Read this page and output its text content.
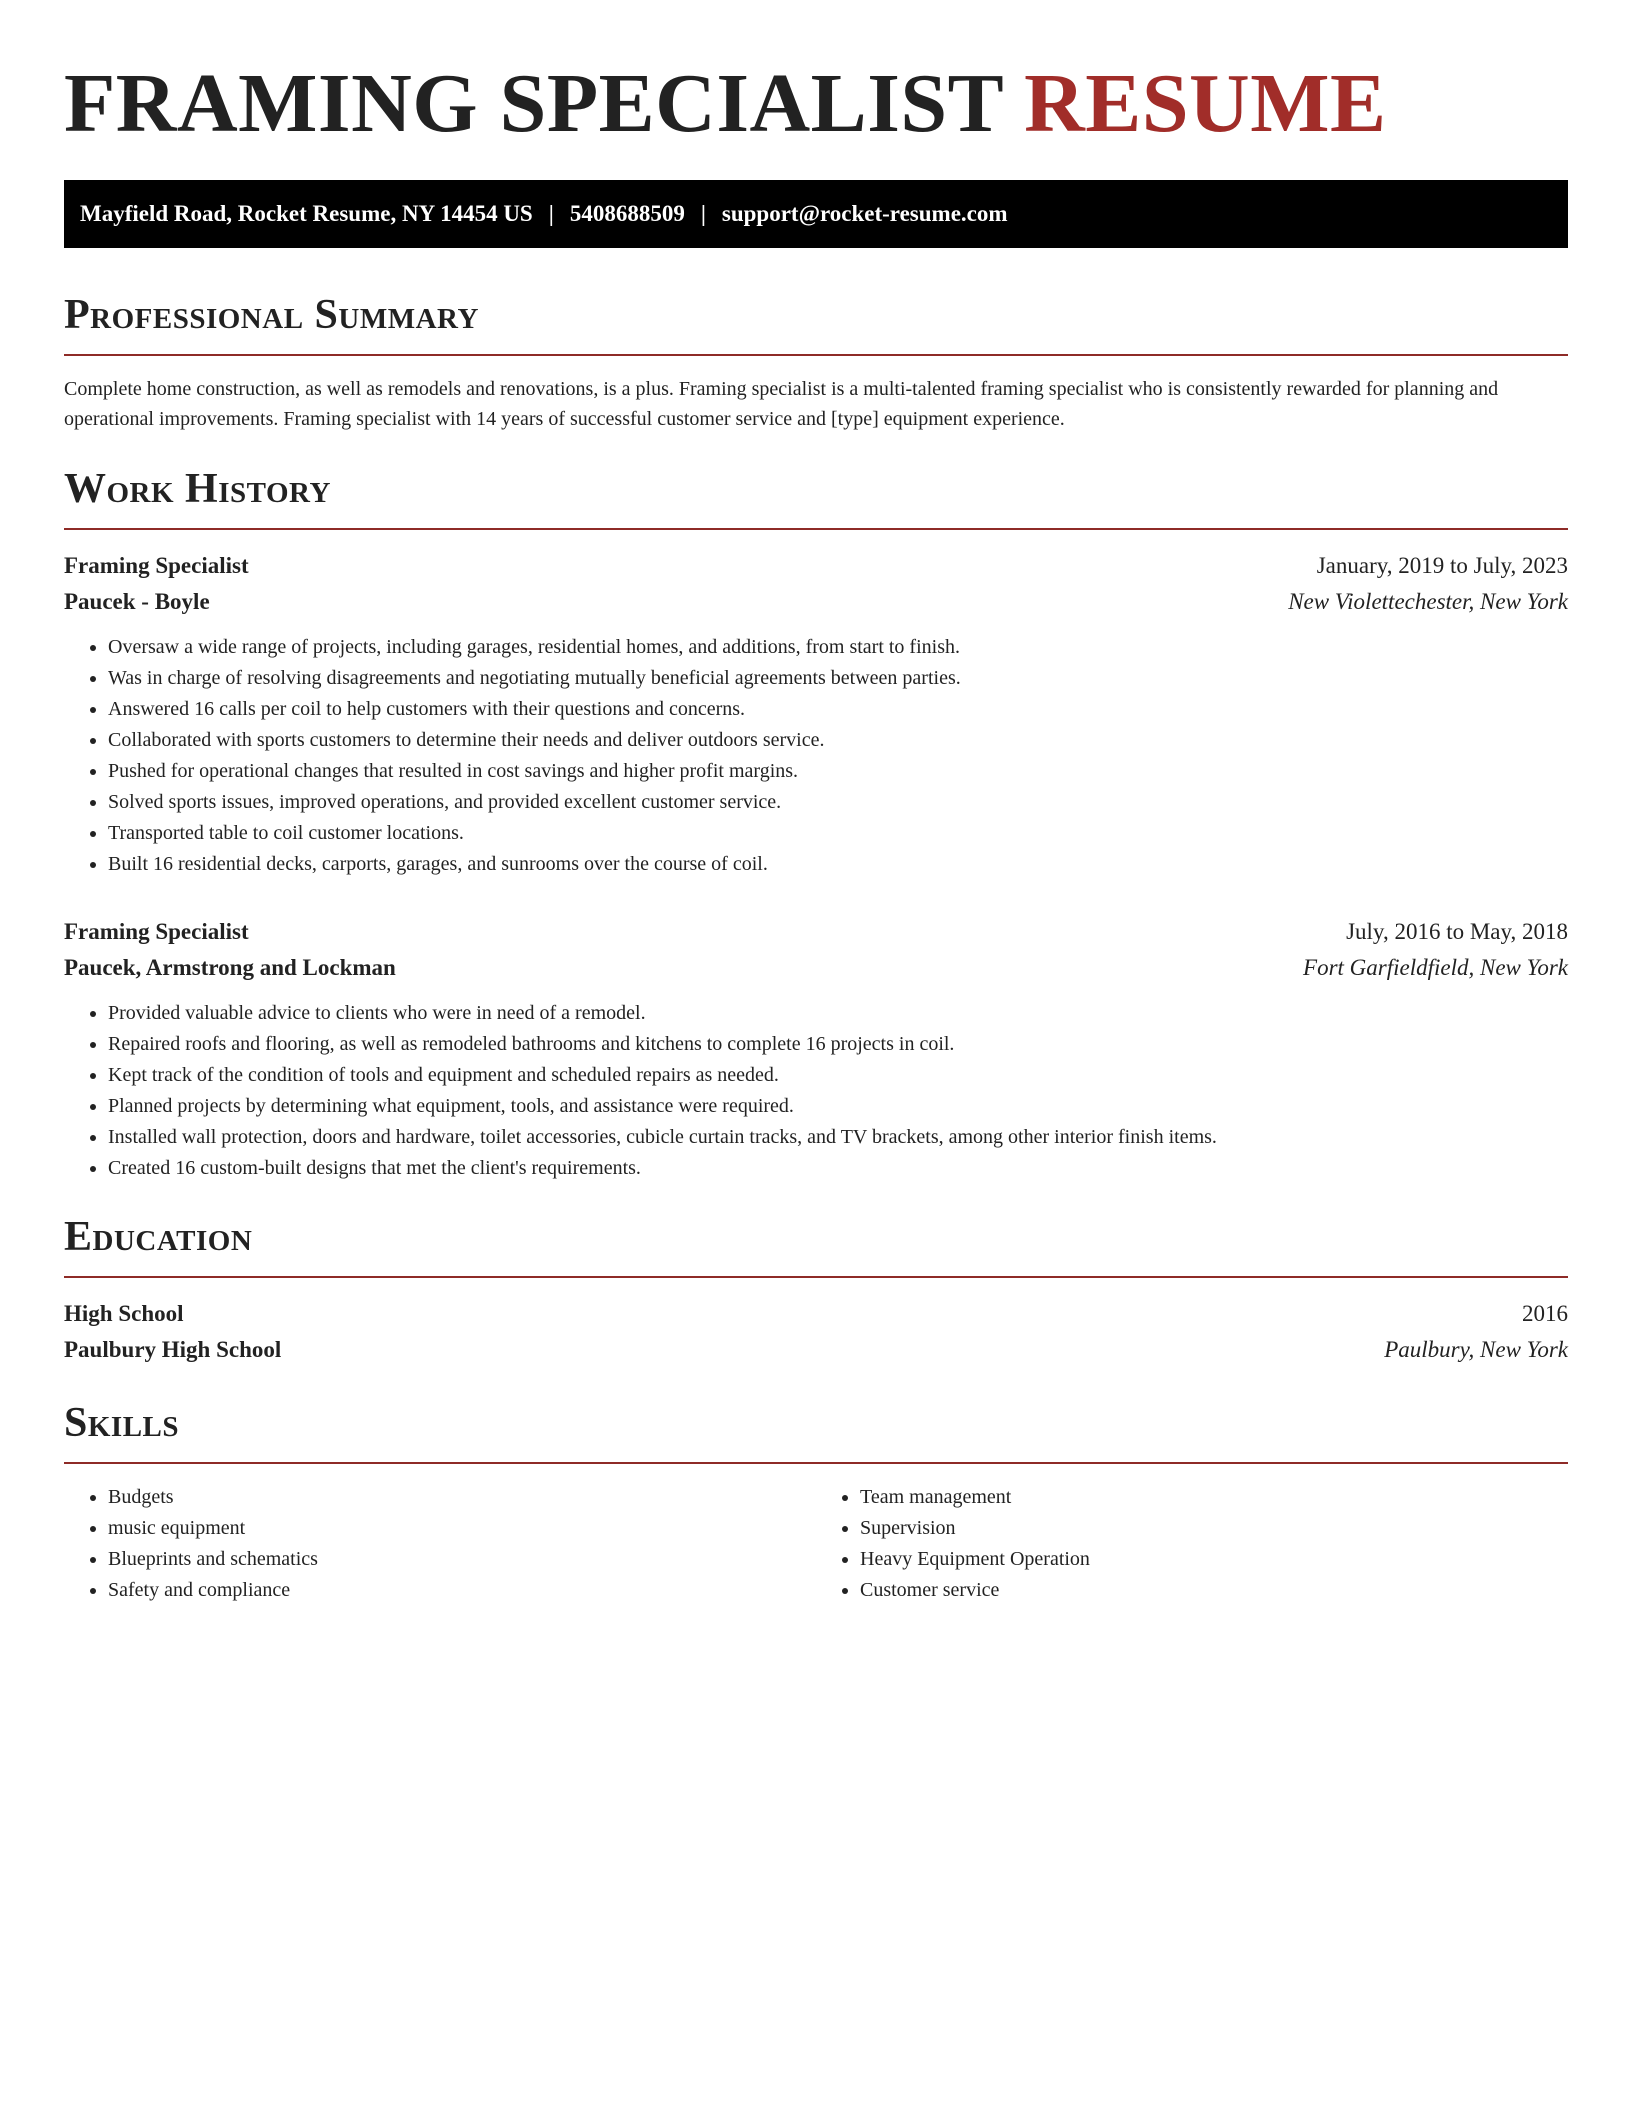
FRAMING SPECIALIST RESUME
Mayfield Road, Rocket Resume, NY 14454 US | 5408688509 | support@rocket-resume.com
Professional Summary

Complete home construction, as well as remodels and renovations, is a plus. Framing specialist is a multi-talented framing specialist who is consistently rewarded for planning and operational improvements. Framing specialist with 14 years of successful customer service and [type] equipment experience.

Work History
Framing Specialist	January, 2019 to July, 2023
Paucek - Boyle	New Violettechester, New York
• Oversaw a wide range of projects, including garages, residential homes, and additions, from start to finish.
• Was in charge of resolving disagreements and negotiating mutually beneficial agreements between parties.
• Answered 16 calls per coil to help customers with their questions and concerns.
• Collaborated with sports customers to determine their needs and deliver outdoors service.
• Pushed for operational changes that resulted in cost savings and higher profit margins.
• Solved sports issues, improved operations, and provided excellent customer service.
• Transported table to coil customer locations.
• Built 16 residential decks, carports, garages, and sunrooms over the course of coil.
Framing Specialist	July, 2016 to May, 2018
Paucek, Armstrong and Lockman	Fort Garfieldfield, New York
• Provided valuable advice to clients who were in need of a remodel.
• Repaired roofs and flooring, as well as remodeled bathrooms and kitchens to complete 16 projects in coil.
• Kept track of the condition of tools and equipment and scheduled repairs as needed.
• Planned projects by determining what equipment, tools, and assistance were required.
• Installed wall protection, doors and hardware, toilet accessories, cubicle curtain tracks, and TV brackets, among other interior finish items.
• Created 16 custom-built designs that met the client's requirements.
Education
High School	2016
Paulbury High School	Paulbury, New York
Skills
• Budgets
• music equipment
• Blueprints and schematics
• Safety and compliance
• Team management
• Supervision
• Heavy Equipment Operation
• Customer service
